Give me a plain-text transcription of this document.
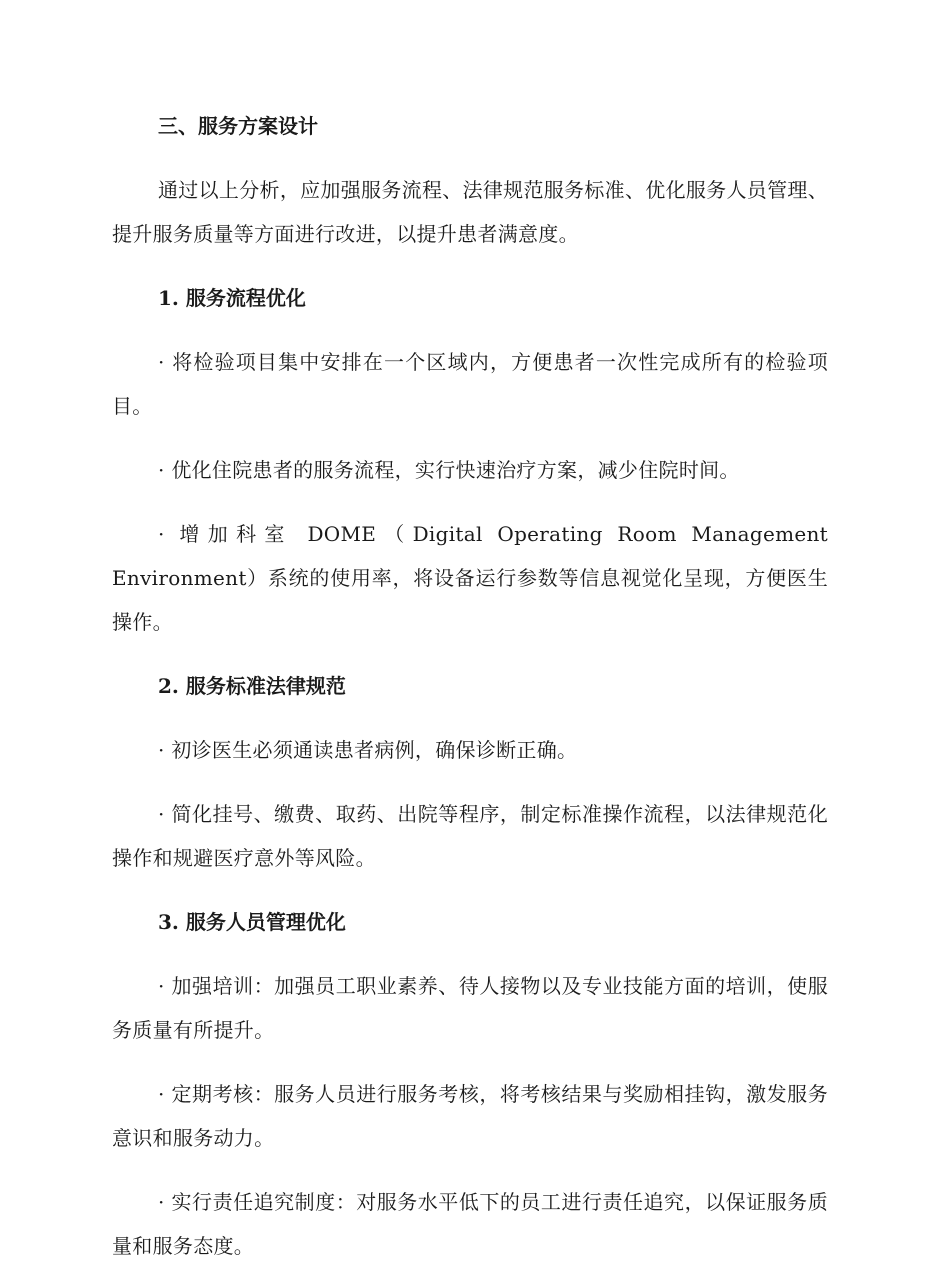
三、服务方案设计
通过以上分析，应加强服务流程、法律规范服务标准、优化服务人员管理、提升服务质量等方面进行改进，以提升患者满意度。
1. 服务流程优化
· 将检验项目集中安排在一个区域内，方便患者一次性完成所有的检验项目。
· 优化住院患者的服务流程，实行快速治疗方案，减少住院时间。
· 增加科室 DOME（Digital Operating Room Management Environment）系统的使用率，将设备运行参数等信息视觉化呈现，方便医生操作。
2. 服务标准法律规范
· 初诊医生必须通读患者病例，确保诊断正确。
· 简化挂号、缴费、取药、出院等程序，制定标准操作流程，以法律规范化操作和规避医疗意外等风险。
3. 服务人员管理优化
· 加强培训：加强员工职业素养、待人接物以及专业技能方面的培训，使服务质量有所提升。
· 定期考核：服务人员进行服务考核，将考核结果与奖励相挂钩，激发服务意识和服务动力。
· 实行责任追究制度：对服务水平低下的员工进行责任追究，以保证服务质量和服务态度。
